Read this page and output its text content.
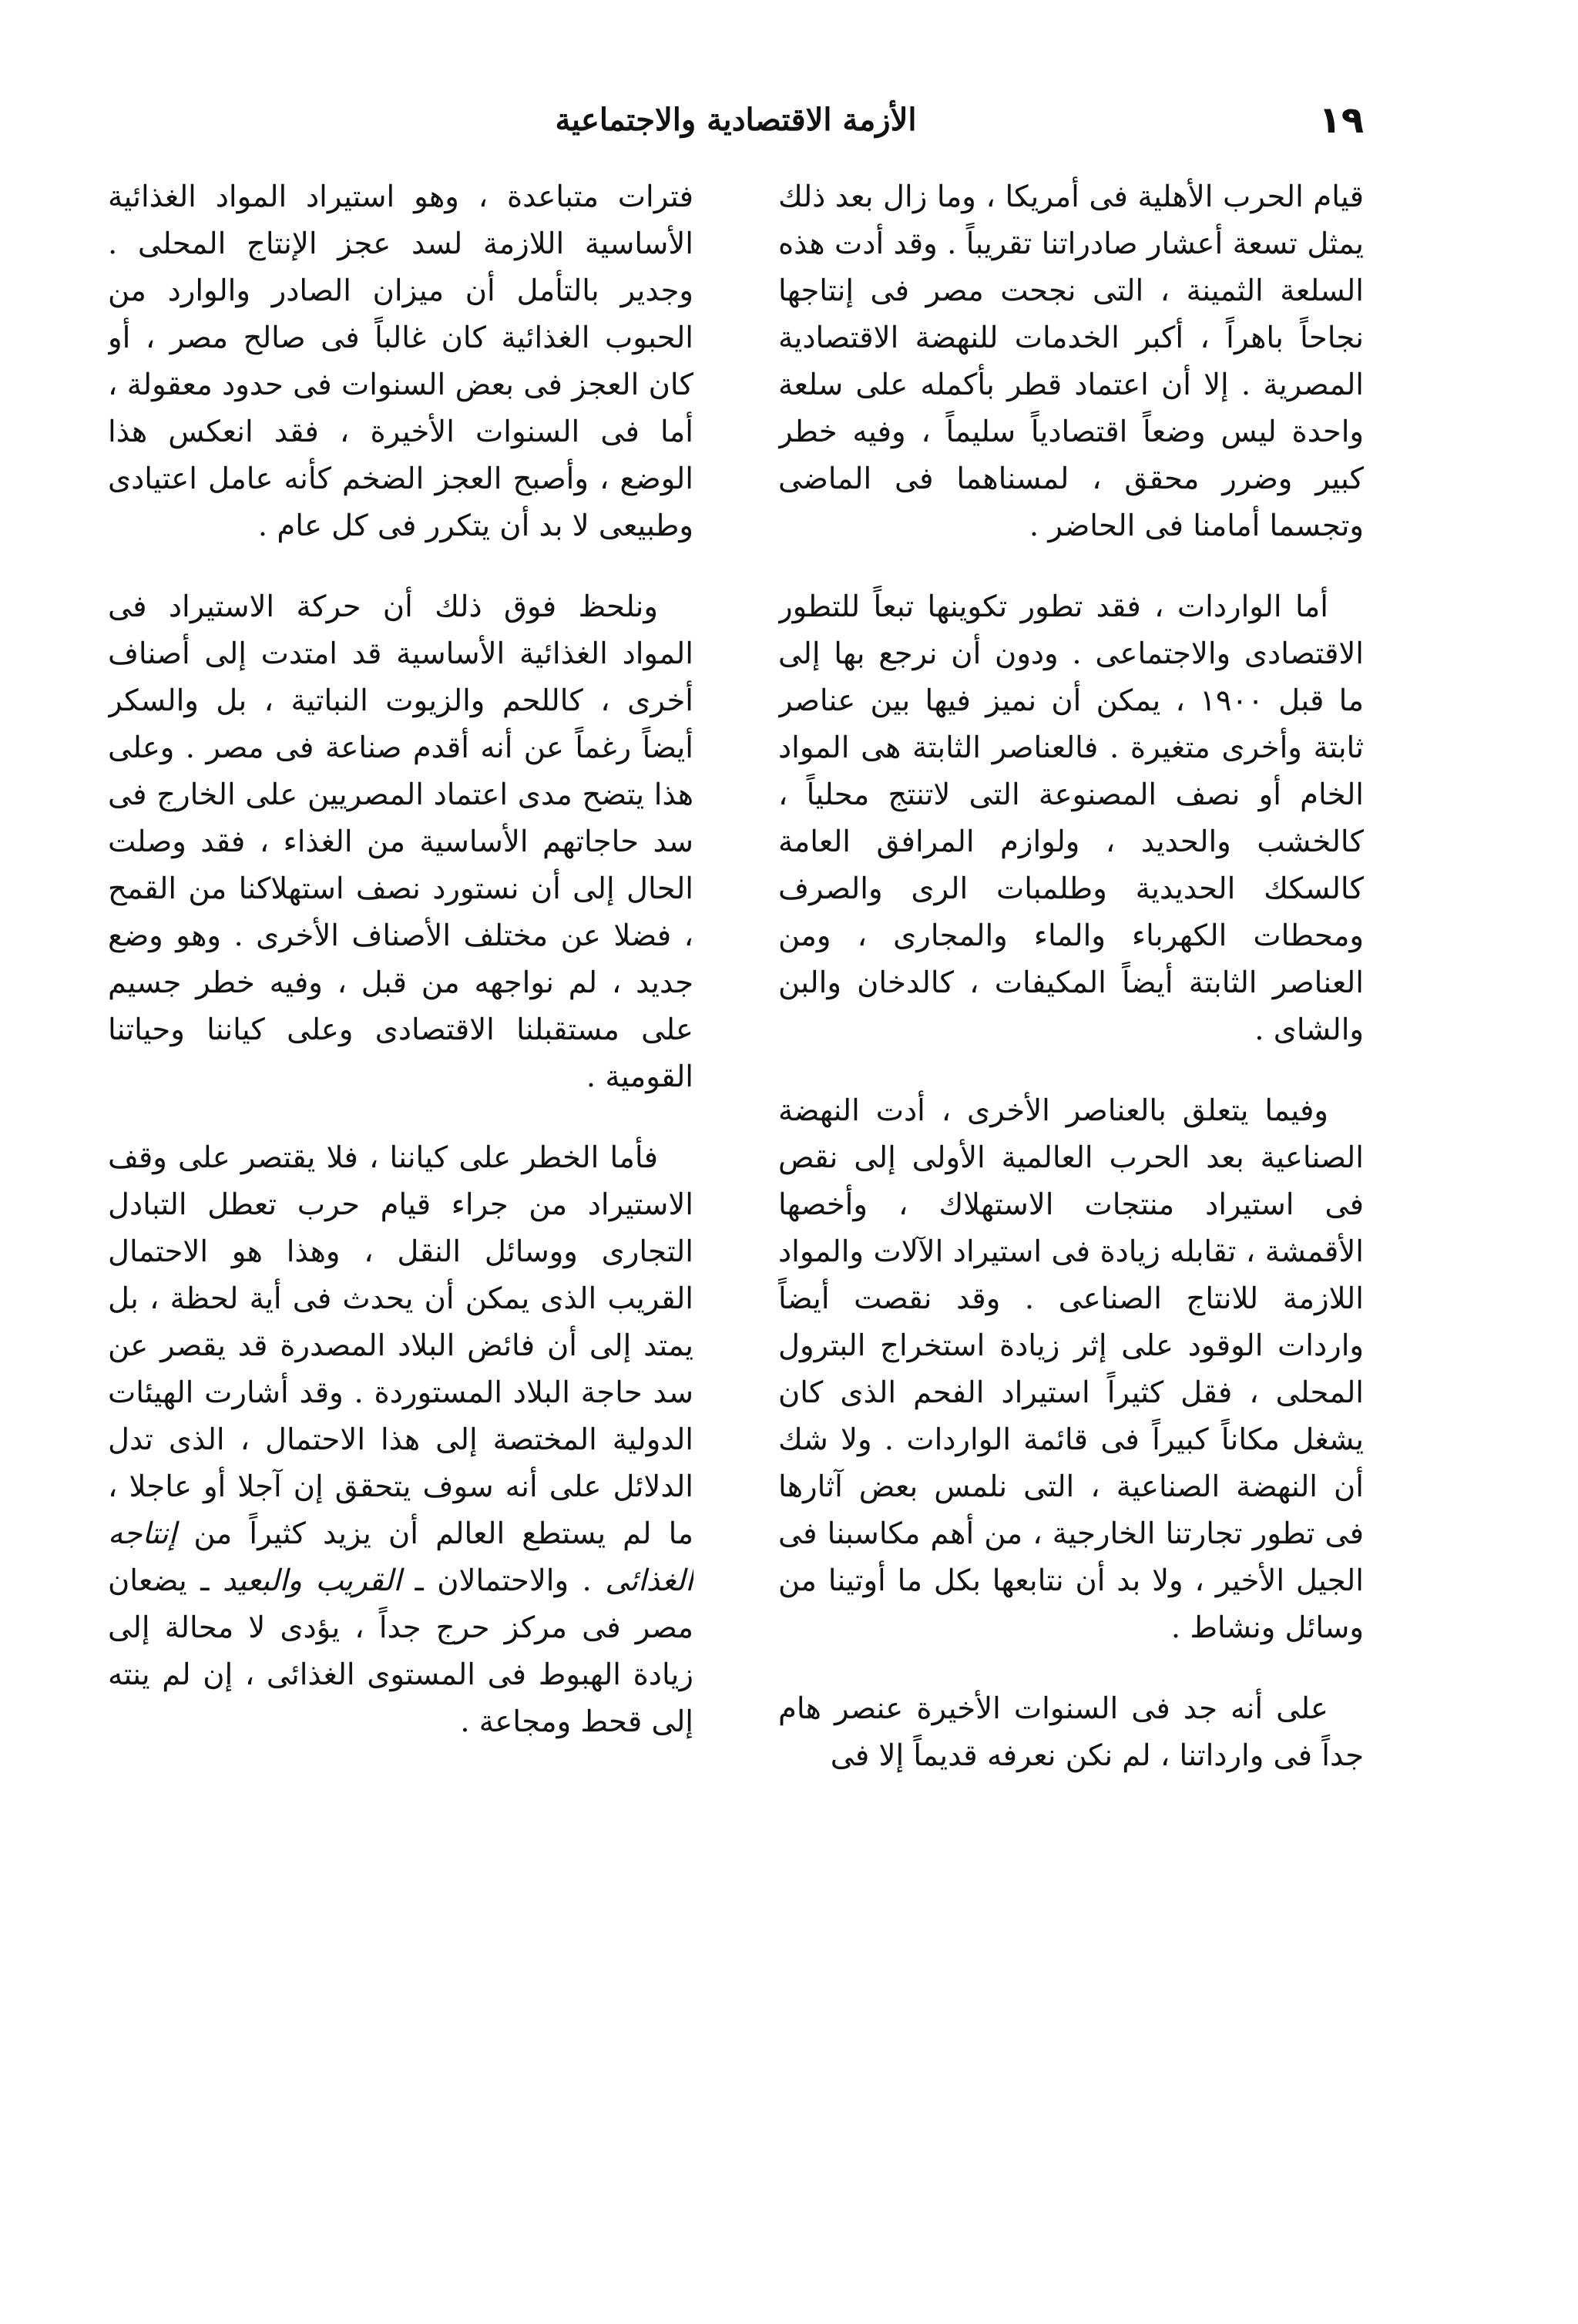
١٩
الأزمة الاقتصادية والاجتماعية

قيام الحرب الأهلية فى أمريكا ، وما زال بعد ذلك يمثل تسعة أعشار صادراتنا تقريباً . وقد أدت هذه السلعة الثمينة ، التى نجحت مصر فى إنتاجها نجاحاً باهراً ، أكبر الخدمات للنهضة الاقتصادية المصرية . إلا أن اعتماد قطر بأكمله على سلعة واحدة ليس وضعاً اقتصادياً سليماً ، وفيه خطر كبير وضرر محقق ، لمسناهما فى الماضى وتجسما أمامنا فى الحاضر .

أما الواردات ، فقد تطور تكوينها تبعاً للتطور الاقتصادى والاجتماعى . ودون أن نرجع بها إلى ما قبل ١٩٠٠ ، يمكن أن نميز فيها بين عناصر ثابتة وأخرى متغيرة . فالعناصر الثابتة هى المواد الخام أو نصف المصنوعة التى لاتنتج محلياً ، كالخشب والحديد ، ولوازم المرافق العامة كالسكك الحديدية وطلمبات الرى والصرف ومحطات الكهرباء والماء والمجارى ، ومن العناصر الثابتة أيضاً المكيفات ، كالدخان والبن والشاى .

وفيما يتعلق بالعناصر الأخرى ، أدت النهضة الصناعية بعد الحرب العالمية الأولى إلى نقص فى استيراد منتجات الاستهلاك ، وأخصها الأقمشة ، تقابله زيادة فى استيراد الآلات والمواد اللازمة للانتاج الصناعى . وقد نقصت أيضاً واردات الوقود على إثر زيادة استخراج البترول المحلى ، فقل كثيراً استيراد الفحم الذى كان يشغل مكاناً كبيراً فى قائمة الواردات . ولا شك أن النهضة الصناعية ، التى نلمس بعض آثارها فى تطور تجارتنا الخارجية ، من أهم مكاسبنا فى الجيل الأخير ، ولا بد أن نتابعها بكل ما أوتينا من وسائل ونشاط .

على أنه جد فى السنوات الأخيرة عنصر هام جداً فى وارداتنا ، لم نكن نعرفه قديماً إلا فى

فترات متباعدة ، وهو استيراد المواد الغذائية الأساسية اللازمة لسد عجز الإنتاج المحلى . وجدير بالتأمل أن ميزان الصادر والوارد من الحبوب الغذائية كان غالباً فى صالح مصر ، أو كان العجز فى بعض السنوات فى حدود معقولة ، أما فى السنوات الأخيرة ، فقد انعكس هذا الوضع ، وأصبح العجز الضخم كأنه عامل اعتيادى وطبيعى لا بد أن يتكرر فى كل عام .

ونلحظ فوق ذلك أن حركة الاستيراد فى المواد الغذائية الأساسية قد امتدت إلى أصناف أخرى ، كاللحم والزيوت النباتية ، بل والسكر أيضاً رغماً عن أنه أقدم صناعة فى مصر . وعلى هذا يتضح مدى اعتماد المصريين على الخارج فى سد حاجاتهم الأساسية من الغذاء ، فقد وصلت الحال إلى أن نستورد نصف استهلاكنا من القمح ، فضلا عن مختلف الأصناف الأخرى . وهو وضع جديد ، لم نواجهه من قبل ، وفيه خطر جسيم على مستقبلنا الاقتصادى وعلى كياننا وحياتنا القومية .

فأما الخطر على كياننا ، فلا يقتصر على وقف الاستيراد من جراء قيام حرب تعطل التبادل التجارى ووسائل النقل ، وهذا هو الاحتمال القريب الذى يمكن أن يحدث فى أية لحظة ، بل يمتد إلى أن فائض البلاد المصدرة قد يقصر عن سد حاجة البلاد المستوردة . وقد أشارت الهيئات الدولية المختصة إلى هذا الاحتمال ، الذى تدل الدلائل على أنه سوف يتحقق إن آجلا أو عاجلا ، ما لم يستطع العالم أن يزيد كثيراً من إنتاجه الغذائى . والاحتمالان ـ القريب والبعيد ـ يضعان مصر فى مركز حرج جداً ، يؤدى لا محالة إلى زيادة الهبوط فى المستوى الغذائى ، إن لم ينته إلى قحط ومجاعة .
